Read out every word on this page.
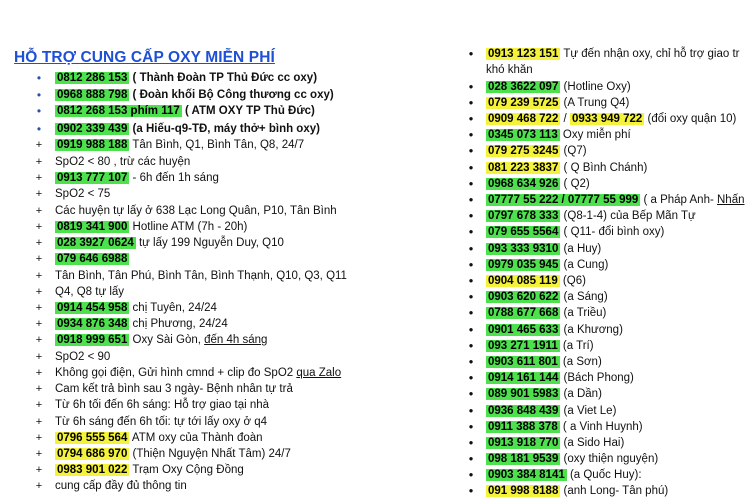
HỖ TRỢ CUNG CẤP OXY MIỄN PHÍ
•	0812 286 153 ( Thành Đoàn TP Thủ Đức cc oxy)
•	0968 888 798 ( Đoàn khối Bộ Công thương cc oxy)
•	0812 268 153 phím 117 ( ATM OXY TP Thủ Đức)
•	0902 339 439 (a Hiếu-q9-TĐ, máy thở+ bình oxy)
+	0919 988 188 Tân Bình, Q1, Bình Tân, Q8, 24/7
+	SpO2 < 80 , trừ các huyện
+	0913 777 107 - 6h đến 1h sáng
+	SpO2 < 75
+	Các huyện tự lấy ở 638 Lạc Long Quân, P10, Tân Bình
+	0819 341 900 Hotline ATM (7h - 20h)
+	028 3927 0624 tự lấy 199 Nguyễn Duy, Q10
+	079 646 6988
+	Tân Bình, Tân Phú, Bình Tân, Bình Thạnh, Q10, Q3, Q11
+	Q4, Q8 tự lấy
+	0914 454 958 chị Tuyên, 24/24
+	0934 876 348 chị Phương, 24/24
+	0918 999 651 Oxy Sài Gòn, đến 4h sáng
+	SpO2 < 90
+	Không gọi điện, Gửi hình cmnd + clip đo SpO2 qua Zalo
+	Cam kết trả bình sau 3 ngày- Bệnh nhân tự trả
+	Từ 6h tối đến 6h sáng: Hỗ trợ giao tại nhà
+	Từ 6h sáng đến 6h tối: tự tới lấy oxy ở q4
+	0796 555 564 ATM oxy của Thành đoàn
+	0794 686 970 (Thiện Nguyện Nhất Tâm) 24/7
+	0983 901 022 Trạm Oxy Cộng Đồng
+	cung cấp đầy đủ thông tin
● 0913 123 151 Tự đến nhận oxy, chỉ hỗ trợ giao tr
khó khăn
● 028 3622 097 (Hotline Oxy)
● 079 239 5725 (A Trung Q4)
● 0909 468 722 / 0933 949 722 (đổi oxy quận 10)
● 0345 073 113 Oxy miễn phí
● 079 275 3245 (Q7)
● 081 223 3837 ( Q Bình Chánh)
● 0968 634 926 ( Q2)
● 07777 55 222 / 07777 55 999 ( a Pháp Anh- Nhấn
● 0797 678 333 (Q8-1-4) của Bếp Mãn Tự
● 079 655 5564 ( Q11- đổi bình oxy)
● 093 333 9310 (a Huy)
● 0979 035 945 (a Cung)
● 0904 085 119 (Q6)
● 0903 620 622 (a Sáng)
● 0788 677 668 (a Triều)
● 0901 465 633 (a Khương)
● 093 271 1911 (a Trí)
● 0903 611 801 (a Sơn)
● 0914 161 144 (Bách Phong)
● 089 901 5983 (a Dần)
● 0936 848 439 (a Viet Le)
● 0911 388 378 ( a Vinh Huynh)
● 0913 918 770 (a Sido Hai)
● 098 181 9539 (oxy thiện nguyện)
● 0903 384 8141 (a Quốc Huy):
● 091 998 8188 (anh Long- Tân phú)
